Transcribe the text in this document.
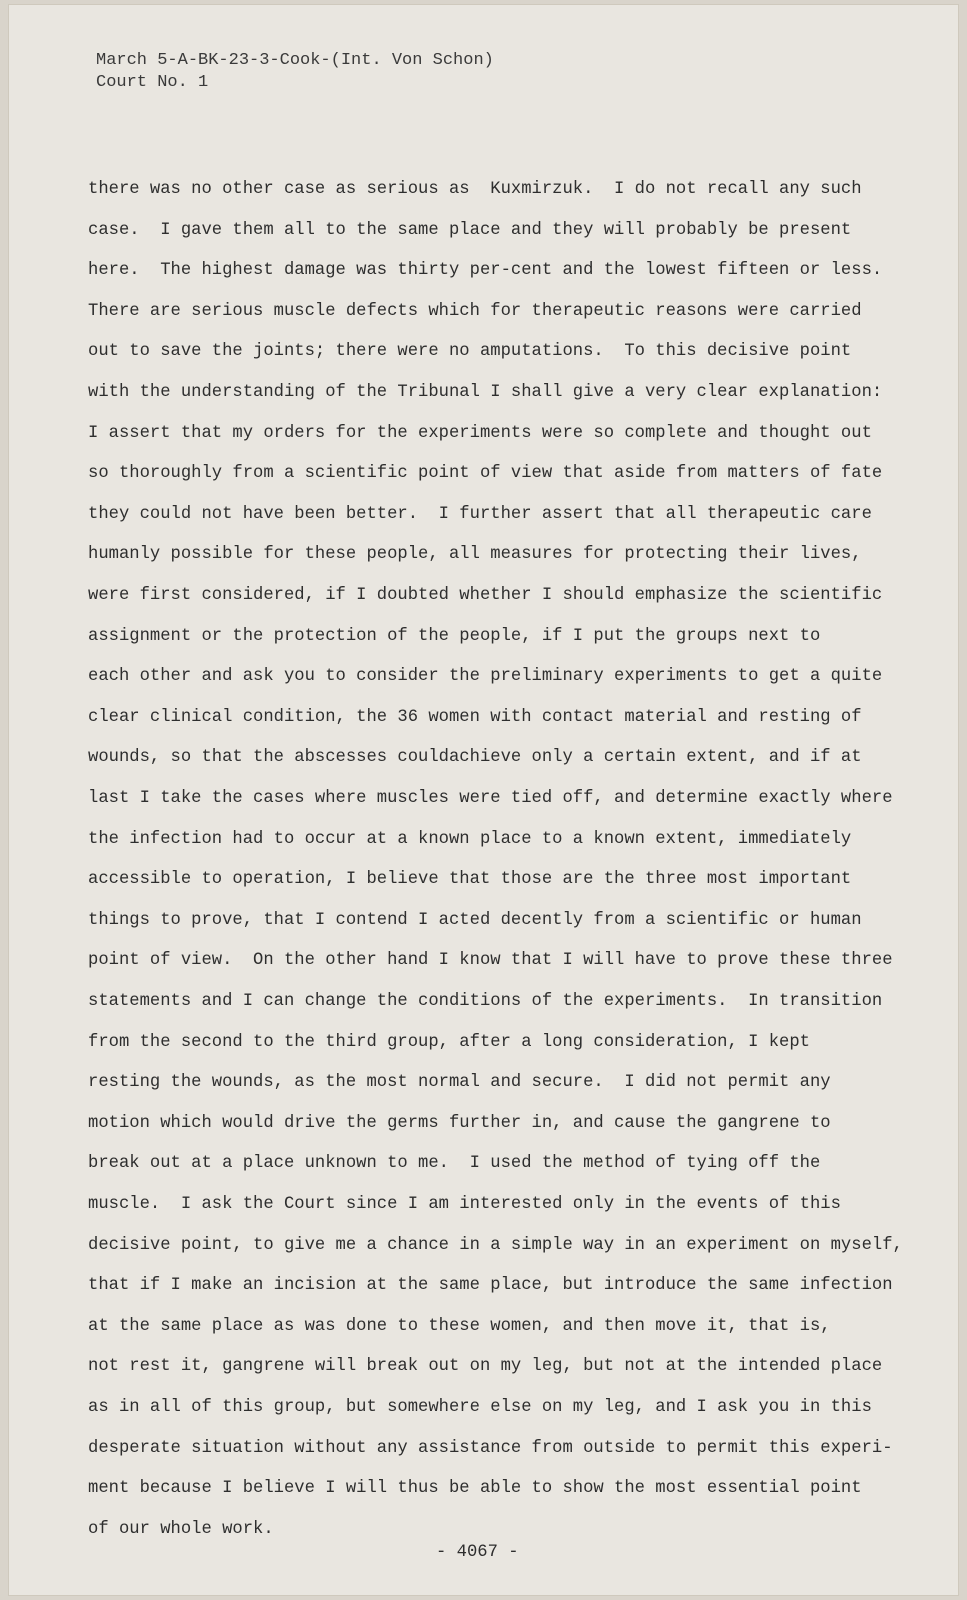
March 5-A-BK-23-3-Cook-(Int. Von Schon)
Court No. 1
there was no other case as serious as  Kuxmirzuk.  I do not recall any such
case.  I gave them all to the same place and they will probably be present
here.  The highest damage was thirty per-cent and the lowest fifteen or less.
There are serious muscle defects which for therapeutic reasons were carried
out to save the joints; there were no amputations.  To this decisive point
with the understanding of the Tribunal I shall give a very clear explanation:
I assert that my orders for the experiments were so complete and thought out
so thoroughly from a scientific point of view that aside from matters of fate
they could not have been better.  I further assert that all therapeutic care
humanly possible for these people, all measures for protecting their lives,
were first considered, if I doubted whether I should emphasize the scientific
assignment or the protection of the people, if I put the groups next to
each other and ask you to consider the preliminary experiments to get a quite
clear clinical condition, the 36 women with contact material and resting of
wounds, so that the abscesses couldachieve only a certain extent, and if at
last I take the cases where muscles were tied off, and determine exactly where
the infection had to occur at a known place to a known extent, immediately
accessible to operation, I believe that those are the three most important
things to prove, that I contend I acted decently from a scientific or human
point of view.  On the other hand I know that I will have to prove these three
statements and I can change the conditions of the experiments.  In transition
from the second to the third group, after a long consideration, I kept
resting the wounds, as the most normal and secure.  I did not permit any
motion which would drive the germs further in, and cause the gangrene to
break out at a place unknown to me.  I used the method of tying off the
muscle.  I ask the Court since I am interested only in the events of this
decisive point, to give me a chance in a simple way in an experiment on myself,
that if I make an incision at the same place, but introduce the same infection
at the same place as was done to these women, and then move it, that is,
not rest it, gangrene will break out on my leg, but not at the intended place
as in all of this group, but somewhere else on my leg, and I ask you in this
desperate situation without any assistance from outside to permit this experi-
ment because I believe I will thus be able to show the most essential point
of our whole work.
- 4067 -
